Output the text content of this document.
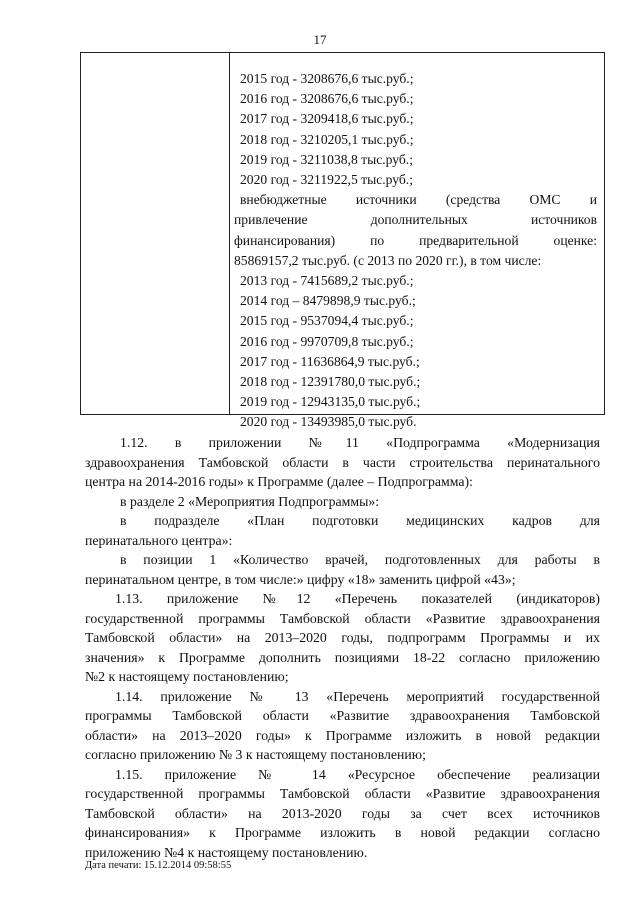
17
2015 год - 3208676,6 тыс.руб.;
2016 год - 3208676,6 тыс.руб.;
2017 год - 3209418,6 тыс.руб.;
2018 год - 3210205,1 тыс.руб.;
2019 год - 3211038,8 тыс.руб.;
2020 год - 3211922,5 тыс.руб.;
внебюджетные источники (средства ОМС и
привлечение дополнительных источников
финансирования) по предварительной оценке:
85869157,2 тыс.руб. (с 2013 по 2020 гг.), в том числе:
2013 год - 7415689,2 тыс.руб.;
2014 год – 8479898,9 тыс.руб.;
2015 год - 9537094,4 тыс.руб.;
2016 год - 9970709,8 тыс.руб.;
2017 год - 11636864,9 тыс.руб.;
2018 год - 12391780,0 тыс.руб.;
2019 год - 12943135,0 тыс.руб.;
2020 год - 13493985,0 тыс.руб.
1.12. в приложении №11 «Подпрограмма «Модернизация
здравоохранения Тамбовской области в части строительства перинатального
центра на 2014-2016 годы» к Программе (далее – Подпрограмма):
в разделе 2 «Мероприятия Подпрограммы»:
в подразделе «План подготовки медицинских кадров для
перинатального центра»:
в позиции 1 «Количество врачей, подготовленных для работы в
перинатальном центре, в том числе:» цифру «18» заменить цифрой «43»;
1.13. приложение №12 «Перечень показателей (индикаторов)
государственной программы Тамбовской области «Развитие здравоохранения
Тамбовской области» на 2013–2020 годы, подпрограмм Программы и их
значения» к Программе дополнить позициями 18-22 согласно приложению
№2 к настоящему постановлению;
1.14. приложение № 13 «Перечень мероприятий государственной
программы Тамбовской области «Развитие здравоохранения Тамбовской
области» на 2013–2020 годы» к Программе изложить в новой редакции
согласно приложению № 3 к настоящему постановлению;
1.15. приложение № 14 «Ресурсное обеспечение реализации
государственной программы Тамбовской области «Развитие здравоохранения
Тамбовской области» на 2013-2020 годы за счет всех источников
финансирования» к Программе изложить в новой редакции согласно
приложению №4 к настоящему постановлению.
Дата печати: 15.12.2014 09:58:55
